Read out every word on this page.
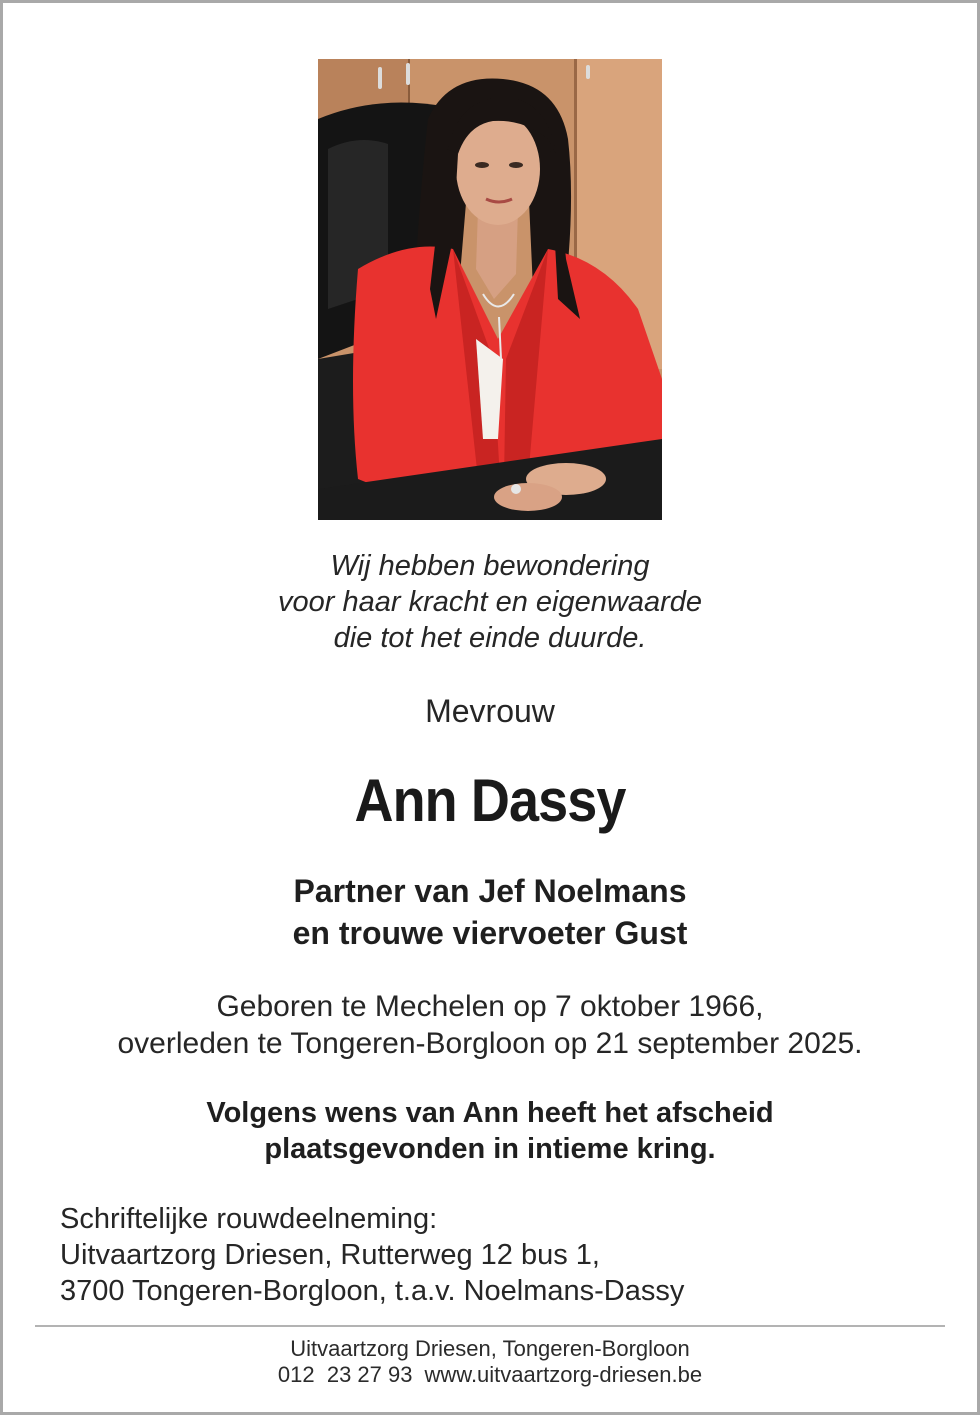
Wij hebben bewondering
voor haar kracht en eigenwaarde
die tot het einde duurde.
Mevrouw
Ann Dassy
Partner van Jef Noelmans
en trouwe viervoeter Gust
Geboren te Mechelen op 7 oktober 1966,
overleden te Tongeren-Borgloon op 21 september 2025.
Volgens wens van Ann heeft het afscheid
plaatsgevonden in intieme kring.
Schriftelijke rouwdeelneming:
Uitvaartzorg Driesen, Rutterweg 12 bus 1,
3700 Tongeren-Borgloon, t.a.v. Noelmans-Dassy
Uitvaartzorg Driesen, Tongeren-Borgloon
012  23 27 93 www.uitvaartzorg-driesen.be
